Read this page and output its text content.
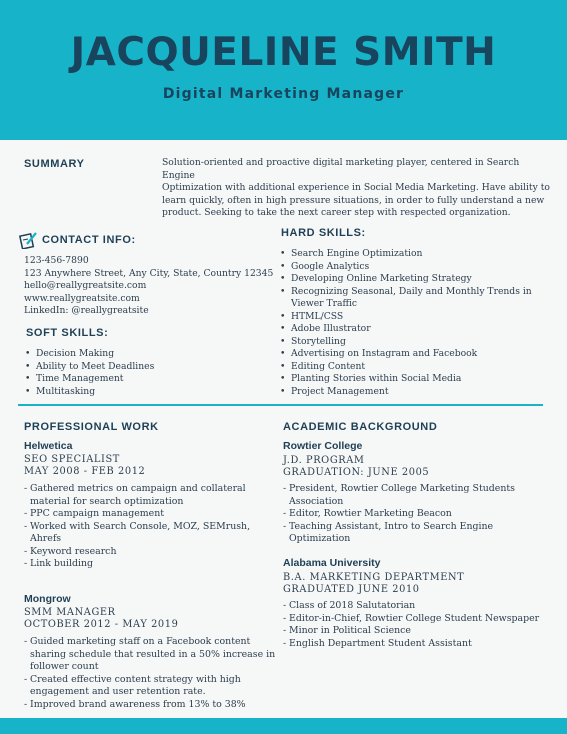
JACQUELINE SMITH
Digital Marketing Manager
SUMMARY	Solution-oriented and proactive digital marketing player, centered in Search Engine
Optimization with additional experience in Social Media Marketing. Have ability to
learn quickly, often in high pressure situations, in order to fully understand a new
product. Seeking to take the next career step with respected organization.
CONTACT INFO:
123-456-7890
123 Anywhere Street, Any City, State, Country 12345
hello@reallygreatsite.com
www.reallygreatsite.com
LinkedIn: @reallygreatsite
SOFT SKILLS:
• Decision Making
• Ability to Meet Deadlines
• Time Management
• Multitasking
HARD SKILLS:
• Search Engine Optimization
• Google Analytics
• Developing Online Marketing Strategy
• Recognizing Seasonal, Daily and Monthly Trends in
Viewer Traffic
• HTML/CSS
• Adobe Illustrator
• Storytelling
• Advertising on Instagram and Facebook
• Editing Content
• Planting Stories within Social Media
• Project Management
PROFESSIONAL WORK
Helwetica
SEO SPECIALIST
MAY 2008 - FEB 2012
- Gathered metrics on campaign and collateral
material for search optimization
- PPC campaign management
- Worked with Search Console, MOZ, SEMrush,
Ahrefs
- Keyword research
- Link building
Mongrow
SMM MANAGER
OCTOBER 2012 - MAY 2019
- Guided marketing staff on a Facebook content
sharing schedule that resulted in a 50% increase in
follower count
- Created effective content strategy with high
engagement and user retention rate.
- Improved brand awareness from 13% to 38%
ACADEMIC BACKGROUND
Rowtier College
J.D. PROGRAM
GRADUATION: JUNE 2005
- President, Rowtier College Marketing Students
Association
- Editor, Rowtier Marketing Beacon
- Teaching Assistant, Intro to Search Engine Optimization
Alabama University
B.A. MARKETING DEPARTMENT
GRADUATED JUNE 2010
- Class of 2018 Salutatorian
- Editor-in-Chief, Rowtier College Student Newspaper
- Minor in Political Science
- English Department Student Assistant
